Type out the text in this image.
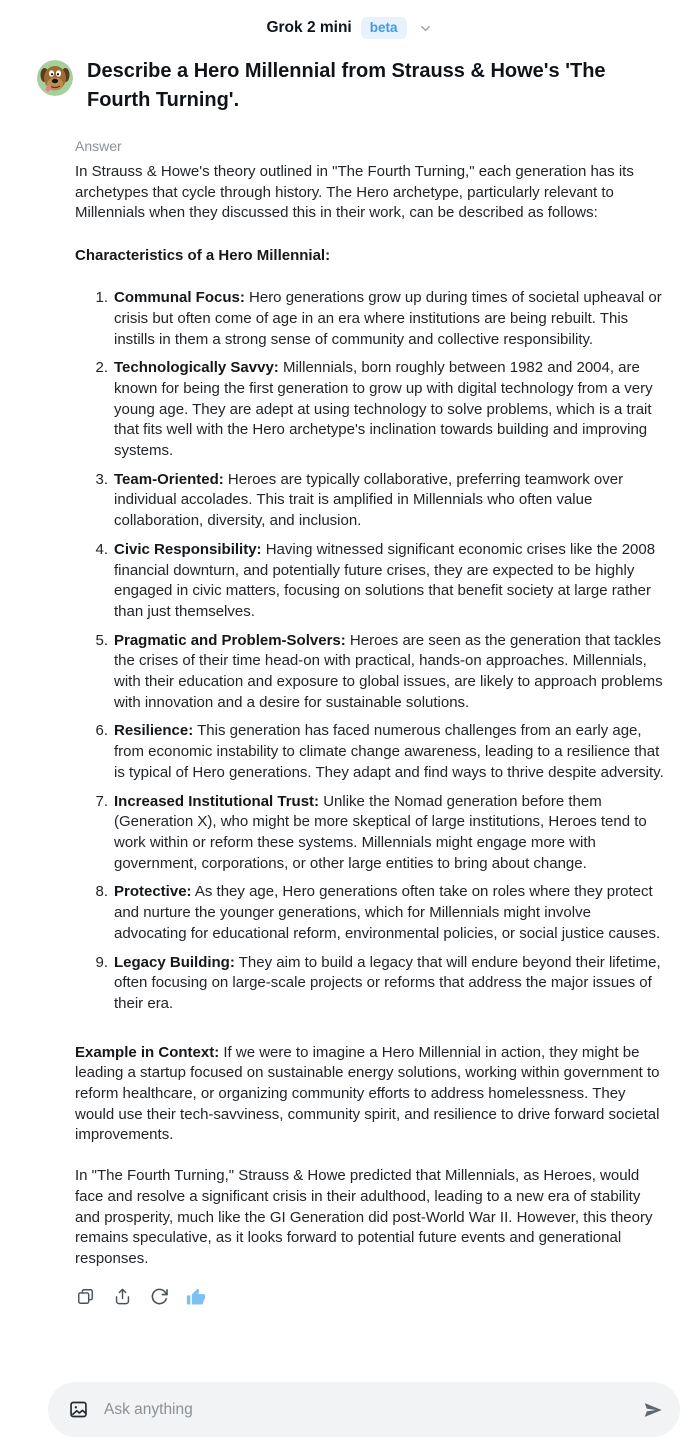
Grok 2 mini	beta
Describe a Hero Millennial from Strauss & Howe's 'The Fourth Turning'.
Answer

In Strauss & Howe's theory outlined in "The Fourth Turning," each generation has its archetypes that cycle through history. The Hero archetype, particularly relevant to Millennials when they discussed this in their work, can be described as follows:

Characteristics of a Hero Millennial:

1. Communal Focus: Hero generations grow up during times of societal upheaval or crisis but often come of age in an era where institutions are being rebuilt. This instills in them a strong sense of community and collective responsibility.
2. Technologically Savvy: Millennials, born roughly between 1982 and 2004, are known for being the first generation to grow up with digital technology from a very young age. They are adept at using technology to solve problems, which is a trait that fits well with the Hero archetype's inclination towards building and improving systems.
3. Team-Oriented: Heroes are typically collaborative, preferring teamwork over individual accolades. This trait is amplified in Millennials who often value collaboration, diversity, and inclusion.
4. Civic Responsibility: Having witnessed significant economic crises like the 2008 financial downturn, and potentially future crises, they are expected to be highly engaged in civic matters, focusing on solutions that benefit society at large rather than just themselves.
5. Pragmatic and Problem-Solvers: Heroes are seen as the generation that tackles the crises of their time head-on with practical, hands-on approaches. Millennials, with their education and exposure to global issues, are likely to approach problems with innovation and a desire for sustainable solutions.
6. Resilience: This generation has faced numerous challenges from an early age, from economic instability to climate change awareness, leading to a resilience that is typical of Hero generations. They adapt and find ways to thrive despite adversity.
7. Increased Institutional Trust: Unlike the Nomad generation before them (Generation X), who might be more skeptical of large institutions, Heroes tend to work within or reform these systems. Millennials might engage more with government, corporations, or other large entities to bring about change.
8. Protective: As they age, Hero generations often take on roles where they protect and nurture the younger generations, which for Millennials might involve advocating for educational reform, environmental policies, or social justice causes.
9. Legacy Building: They aim to build a legacy that will endure beyond their lifetime, often focusing on large-scale projects or reforms that address the major issues of their era.

Example in Context: If we were to imagine a Hero Millennial in action, they might be leading a startup focused on sustainable energy solutions, working within government to reform healthcare, or organizing community efforts to address homelessness. They would use their tech-savviness, community spirit, and resilience to drive forward societal improvements.

In "The Fourth Turning," Strauss & Howe predicted that Millennials, as Heroes, would face and resolve a significant crisis in their adulthood, leading to a new era of stability and prosperity, much like the GI Generation did post-World War II. However, this theory remains speculative, as it looks forward to potential future events and generational responses.

Ask anything
